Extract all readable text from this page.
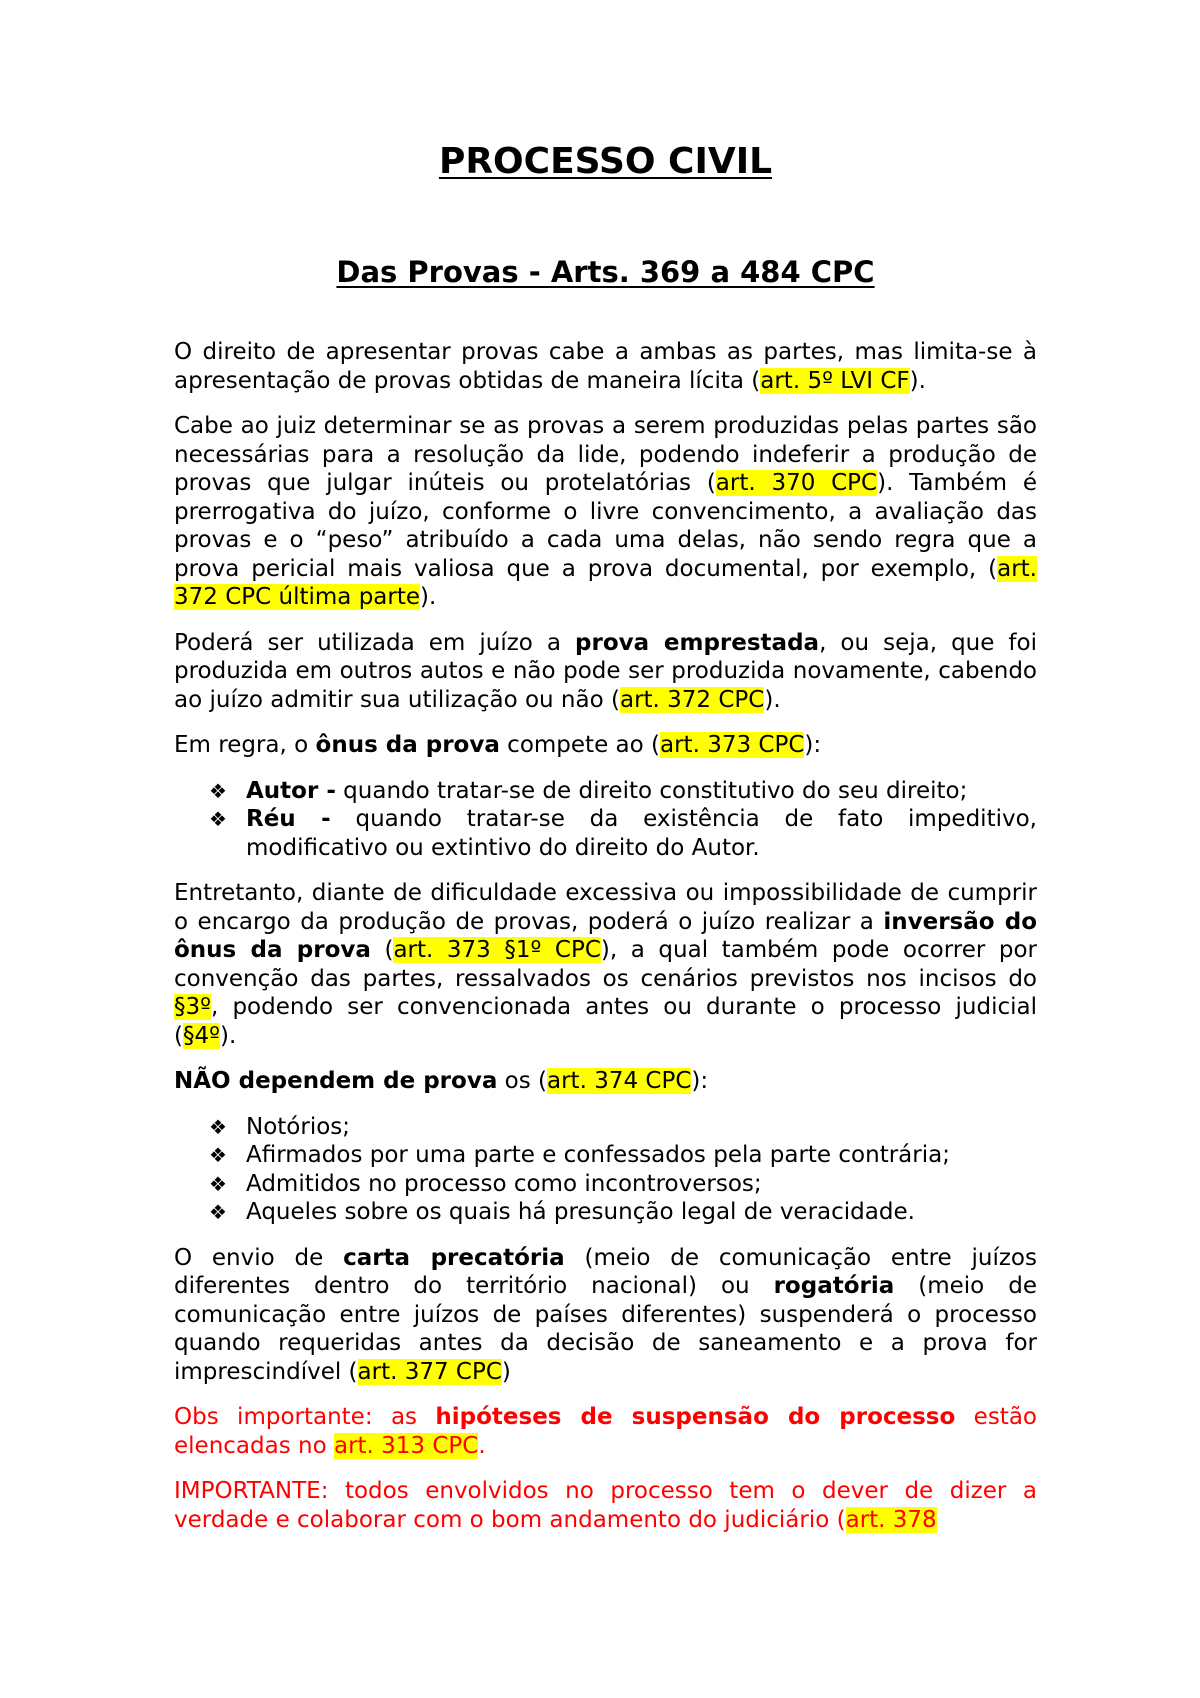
PROCESSO CIVIL
Das Provas - Arts. 369 a 484 CPC

O direito de apresentar provas cabe a ambas as partes, mas limita-se à apresentação de provas obtidas de maneira lícita (art. 5º LVI CF).

Cabe ao juiz determinar se as provas a serem produzidas pelas partes são necessárias para a resolução da lide, podendo indeferir a produção de provas que julgar inúteis ou protelatórias (art. 370 CPC). Também é prerrogativa do juízo, conforme o livre convencimento, a avaliação das provas e o “peso” atribuído a cada uma delas, não sendo regra que a prova pericial mais valiosa que a prova documental, por exemplo, (art. 372 CPC última parte).

Poderá ser utilizada em juízo a prova emprestada, ou seja, que foi produzida em outros autos e não pode ser produzida novamente, cabendo ao juízo admitir sua utilização ou não (art. 372 CPC).

Em regra, o ônus da prova compete ao (art. 373 CPC):

❖ Autor - quando tratar-se de direito constitutivo do seu direito;
❖ Réu - quando tratar-se da existência de fato impeditivo, modificativo ou extintivo do direito do Autor.

Entretanto, diante de dificuldade excessiva ou impossibilidade de cumprir o encargo da produção de provas, poderá o juízo realizar a inversão do ônus da prova (art. 373 §1º CPC), a qual também pode ocorrer por convenção das partes, ressalvados os cenários previstos nos incisos do §3º, podendo ser convencionada antes ou durante o processo judicial (§4º).

NÃO dependem de prova os (art. 374 CPC):

❖ Notórios;
❖ Afirmados por uma parte e confessados pela parte contrária;
❖ Admitidos no processo como incontroversos;
❖ Aqueles sobre os quais há presunção legal de veracidade.

O envio de carta precatória (meio de comunicação entre juízos diferentes dentro do território nacional) ou rogatória (meio de comunicação entre juízos de países diferentes) suspenderá o processo quando requeridas antes da decisão de saneamento e a prova for imprescindível (art. 377 CPC)

Obs importante: as hipóteses de suspensão do processo estão elencadas no art. 313 CPC.

IMPORTANTE: todos envolvidos no processo tem o dever de dizer a verdade e colaborar com o bom andamento do judiciário (art. 378
